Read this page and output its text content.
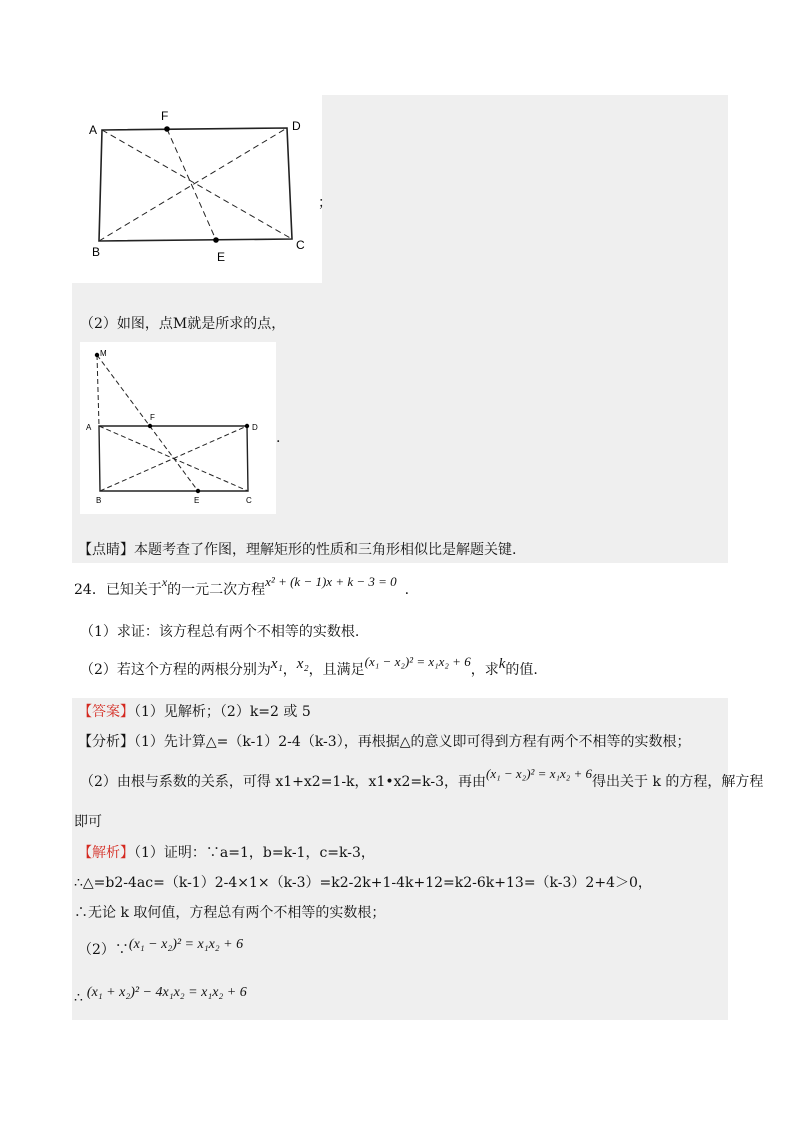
A
F
D
B	E
C
；
（2）如图，点M就是所求的点，
M
A
F
D
B	E	C
.
【点睛】本题考查了作图，理解矩形的性质和三角形相似比是解题关键.
24．已知关于x的一元二次方程x² + (k − 1)x + k − 3 = 0.
（1）求证：该方程总有两个不相等的实数根.
（2）若这个方程的两根分别为x₁，x₂，且满足(x₁ − x₂)² = x₁x₂ + 6，求k的值.
【答案】（1）见解析；（2）k=2 或 5
【分析】（1）先计算△=（k-1）2-4（k-3），再根据△的意义即可得到方程有两个不相等的实数根；
（2）由根与系数的关系，可得 x1+x2=1-k，x1•x2=k-3，再由(x₁ − x₂)² = x₁x₂ + 6得出关于 k 的方程，解方程
即可
【解析】（1）证明：∵a=1，b=k-1，c=k-3，
∴△=b2-4ac=（k-1）2-4×1×（k-3）=k2-2k+1-4k+12=k2-6k+13=（k-3）2+4＞0，
∴无论 k 取何值，方程总有两个不相等的实数根；
（2）∵(x₁ − x₂)² = x₁x₂ + 6
∴ (x₁ + x₂)² − 4x₁x₂ = x₁x₂ + 6
